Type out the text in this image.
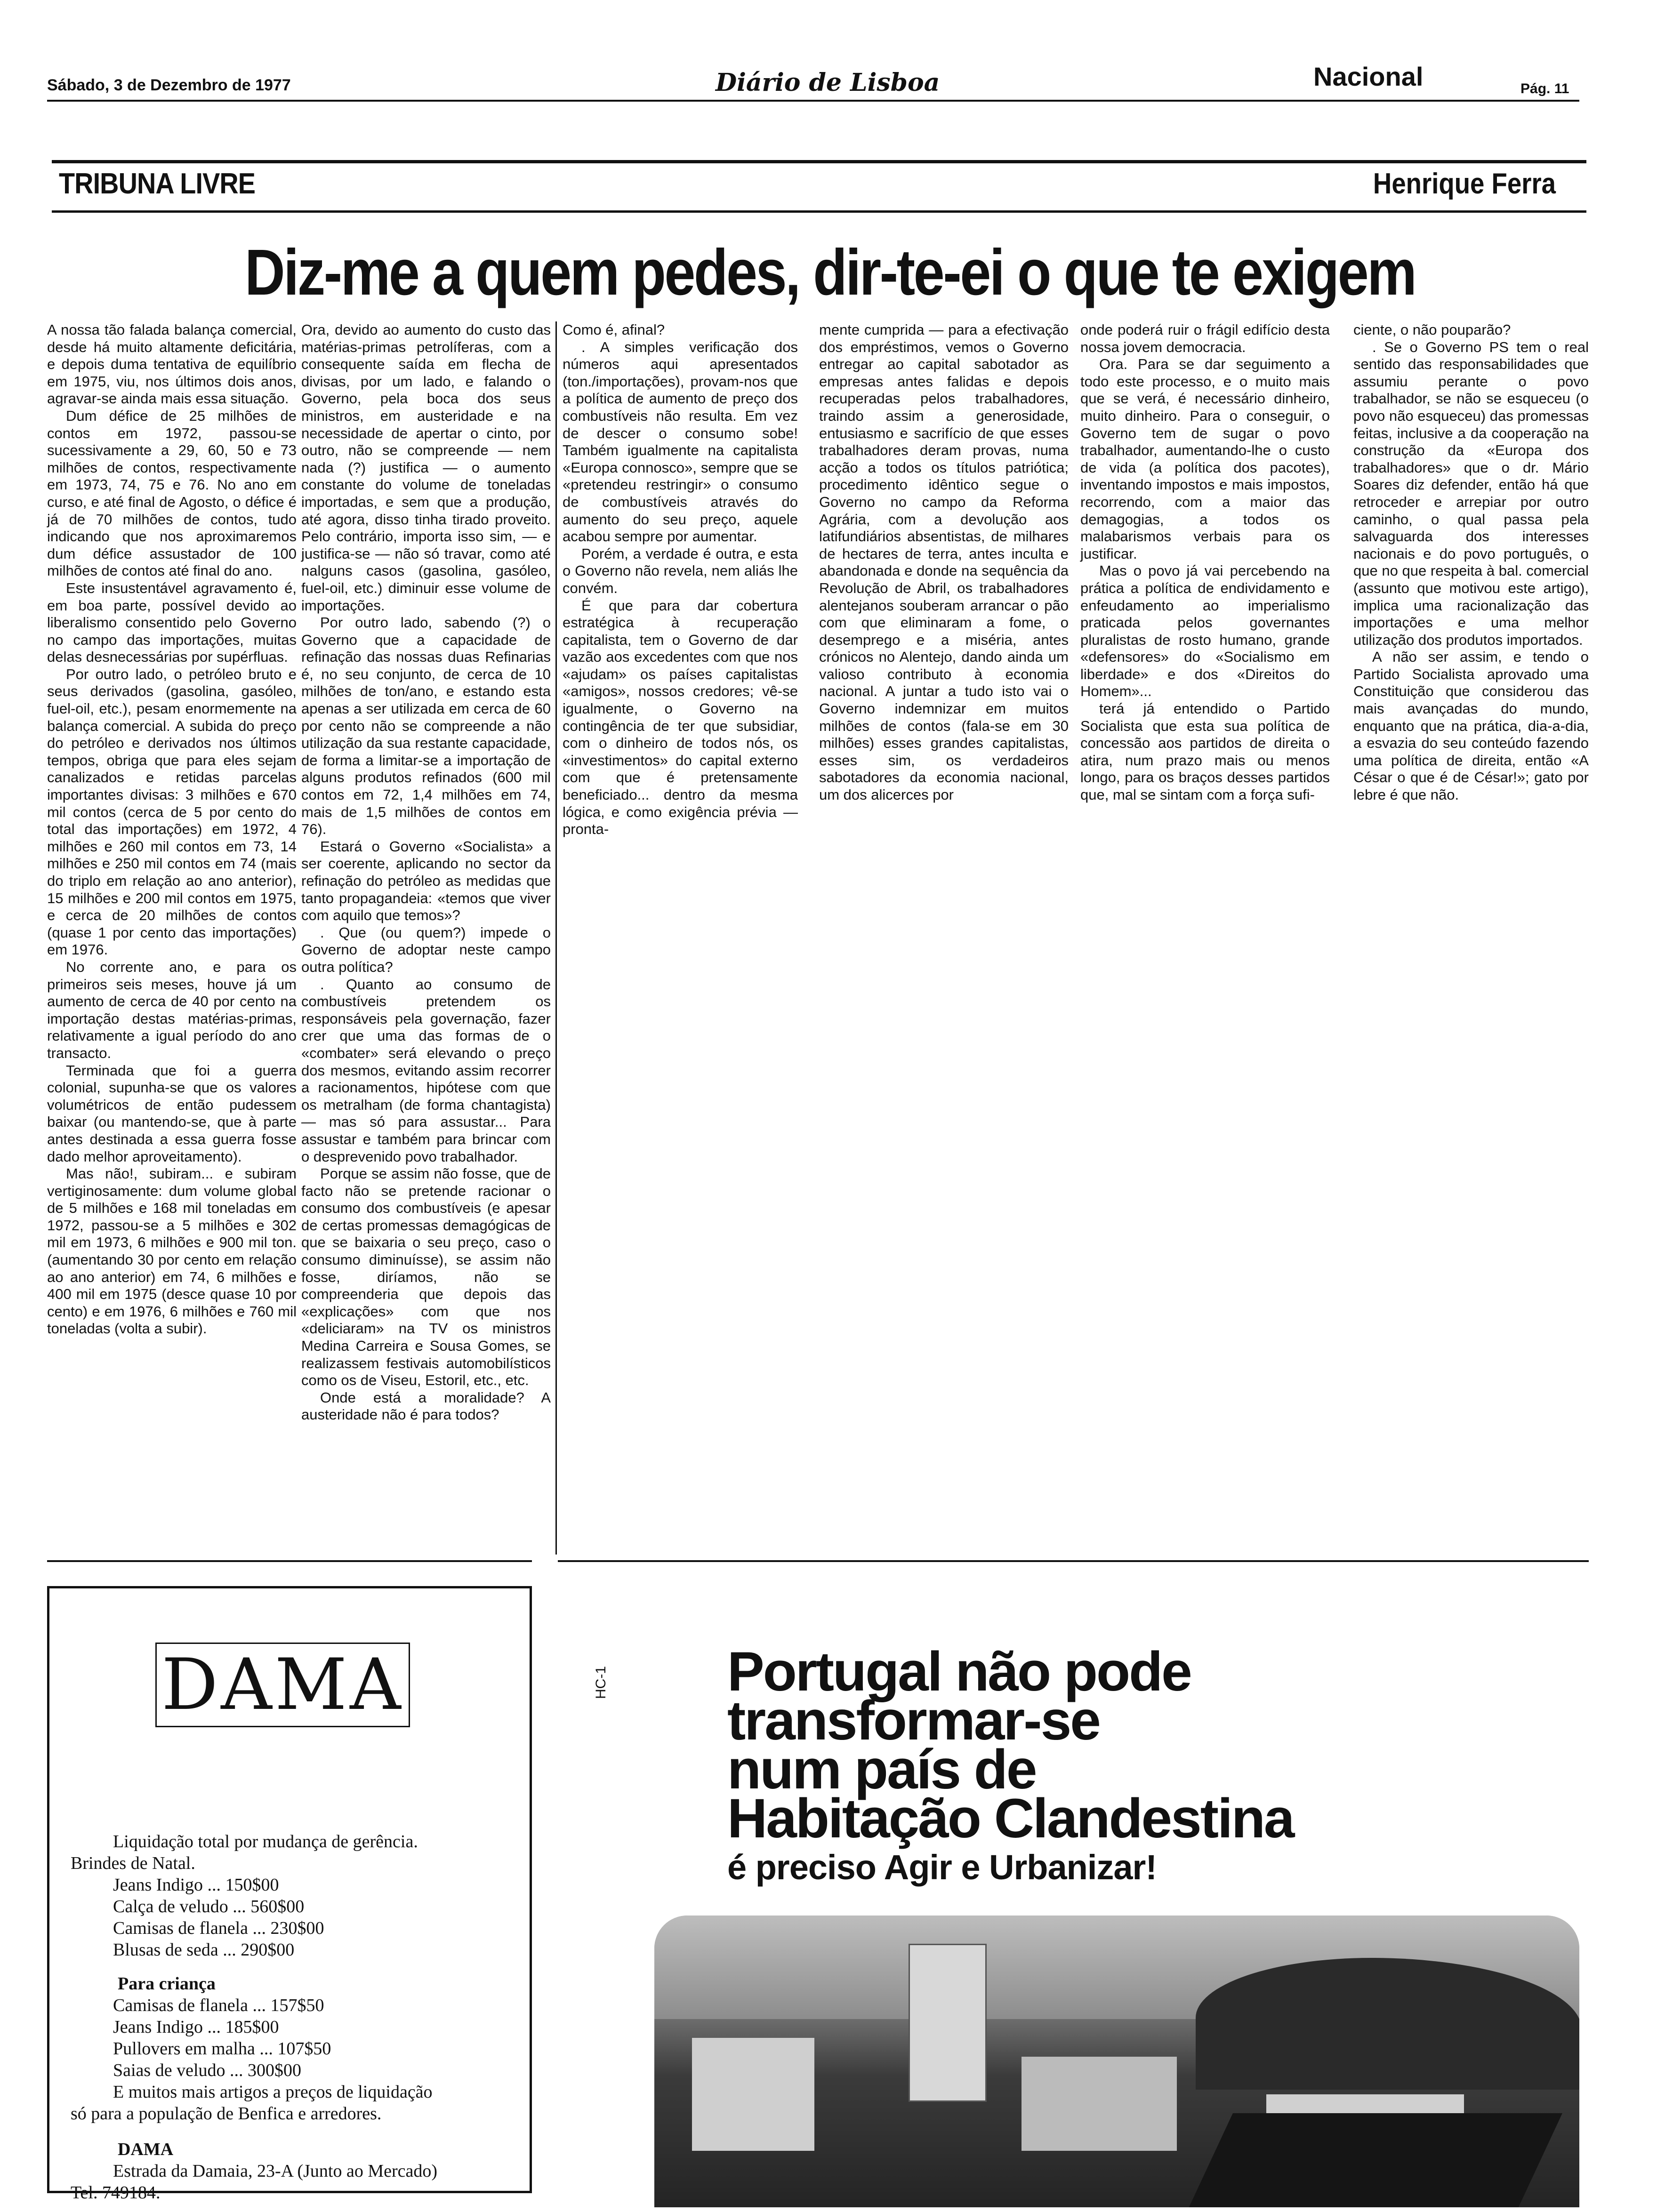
Sábado, 3 de Dezembro de 1977	Diário de Lisboa	Nacional	Pág. 11
TRIBUNA LIVRE	Henrique Ferra
Diz-me a quem pedes, dir-te-ei o que te exigem

A nossa tão falada balança comercial, desde há muito altamente deficitária, e depois duma tentativa de equilíbrio em 1975, viu, nos últimos dois anos, agravar-se ainda mais essa situação.

Dum défice de 25 milhões de contos em 1972, passou-se sucessivamente a 29, 60, 50 e 73 milhões de contos, respectivamente em 1973, 74, 75 e 76. No ano em curso, e até final de Agosto, o défice é já de 70 milhões de contos, tudo indicando que nos aproximaremos dum défice assustador de 100 milhões de contos até final do ano.

Este insustentável agravamento é, em boa parte, possível devido ao liberalismo consentido pelo Governo no campo das importações, muitas delas desnecessárias por supérfluas.

Por outro lado, o petróleo bruto e seus derivados (gasolina, gasóleo, fuel-oil, etc.), pesam enormemente na balança comercial. A subida do preço do petróleo e derivados nos últimos tempos, obriga que para eles sejam canalizados e retidas parcelas importantes divisas: 3 milhões e 670 mil contos (cerca de 5 por cento do total das importações) em 1972, 4 milhões e 260 mil contos em 73, 14 milhões e 250 mil contos em 74 (mais do triplo em relação ao ano anterior), 15 milhões e 200 mil contos em 1975, e cerca de 20 milhões de contos (quase 1 por cento das importações) em 1976.

No corrente ano, e para os primeiros seis meses, houve já um aumento de cerca de 40 por cento na importação destas matérias-primas, relativamente a igual período do ano transacto.

Terminada que foi a guerra colonial, supunha-se que os valores volumétricos de então pudessem baixar (ou mantendo-se, que à parte antes destinada a essa guerra fosse dado melhor aproveitamento).

Mas não!, subiram... e subiram vertiginosamente: dum volume global de 5 milhões e 168 mil toneladas em 1972, passou-se a 5 milhões e 302 mil em 1973, 6 milhões e 900 mil ton. (aumentando 30 por cento em relação ao ano anterior) em 74, 6 milhões e 400 mil em 1975 (desce quase 10 por cento) e em 1976, 6 milhões e 760 mil toneladas (volta a subir).

Ora, devido ao aumento do custo das matérias-primas petrolíferas, com a consequente saída em flecha de divisas, por um lado, e falando o Governo, pela boca dos seus ministros, em austeridade e na necessidade de apertar o cinto, por outro, não se compreende — nem nada (?) justifica — o aumento constante do volume de toneladas importadas, e sem que a produção, até agora, disso tinha tirado proveito. Pelo contrário, importa isso sim, — e justifica-se — não só travar, como até nalguns casos (gasolina, gasóleo, fuel-oil, etc.) diminuir esse volume de importações.

Por outro lado, sabendo (?) o Governo que a capacidade de refinação das nossas duas Refinarias é, no seu conjunto, de cerca de 10 milhões de ton/ano, e estando esta apenas a ser utilizada em cerca de 60 por cento não se compreende a não utilização da sua restante capacidade, de forma a limitar-se a importação de alguns produtos refinados (600 mil contos em 72, 1,4 milhões em 74, mais de 1,5 milhões de contos em 76).

Estará o Governo «Socialista» a ser coerente, aplicando no sector da refinação do petróleo as medidas que tanto propagandeia: «temos que viver com aquilo que temos»?

. Que (ou quem?) impede o Governo de adoptar neste campo outra política?

. Quanto ao consumo de combustíveis pretendem os responsáveis pela governação, fazer crer que uma das formas de o «combater» será elevando o preço dos mesmos, evitando assim recorrer a racionamentos, hipótese com que os metralham (de forma chantagista) — mas só para assustar... Para assustar e também para brincar com o desprevenido povo trabalhador.

Porque se assim não fosse, que de facto não se pretende racionar o consumo dos combustíveis (e apesar de certas promessas demagógicas de que se baixaria o seu preço, caso o consumo diminuísse), se assim não fosse, diríamos, não se compreenderia que depois das «explicações» com que nos «deliciaram» na TV os ministros Medina Carreira e Sousa Gomes, se realizassem festivais automobilísticos como os de Viseu, Estoril, etc., etc.

Onde está a moralidade? A austeridade não é para todos?

Como é, afinal?

. A simples verificação dos números aqui apresentados (ton./importações), provam-nos que a política de aumento de preço dos combustíveis não resulta. Em vez de descer o consumo sobe! Também igualmente na capitalista «Europa connosco», sempre que se «pretendeu restringir» o consumo de combustíveis através do aumento do seu preço, aquele acabou sempre por aumentar.

Porém, a verdade é outra, e esta o Governo não revela, nem aliás lhe convém.

É que para dar cobertura estratégica à recuperação capitalista, tem o Governo de dar vazão aos excedentes com que nos «ajudam» os países capitalistas «amigos», nossos credores; vê-se igualmente, o Governo na contingência de ter que subsidiar, com o dinheiro de todos nós, os «investimentos» do capital externo com que é pretensamente beneficiado... dentro da mesma lógica, e como exigência prévia — pronta-

mente cumprida — para a efectivação dos empréstimos, vemos o Governo entregar ao capital sabotador as empresas antes falidas e depois recuperadas pelos trabalhadores, traindo assim a generosidade, entusiasmo e sacrifício de que esses trabalhadores deram provas, numa acção a todos os títulos patriótica; procedimento idêntico segue o Governo no campo da Reforma Agrária, com a devolução aos latifundiários absentistas, de milhares de hectares de terra, antes inculta e abandonada e donde na sequência da Revolução de Abril, os trabalhadores alentejanos souberam arrancar o pão com que eliminaram a fome, o desemprego e a miséria, antes crónicos no Alentejo, dando ainda um valioso contributo à economia nacional. A juntar a tudo isto vai o Governo indemnizar em muitos milhões de contos (fala-se em 30 milhões) esses grandes capitalistas, esses sim, os verdadeiros sabotadores da economia nacional, um dos alicerces por

onde poderá ruir o frágil edifício desta nossa jovem democracia.

Ora. Para se dar seguimento a todo este processo, e o muito mais que se verá, é necessário dinheiro, muito dinheiro. Para o conseguir, o Governo tem de sugar o povo trabalhador, aumentando-lhe o custo de vida (a política dos pacotes), inventando impostos e mais impostos, recorrendo, com a maior das demagogias, a todos os malabarismos verbais para os justificar.

Mas o povo já vai percebendo na prática a política de endividamento e enfeudamento ao imperialismo praticada pelos governantes pluralistas de rosto humano, grande «defensores» do «Socialismo em liberdade» e dos «Direitos do Homem»...

terá já entendido o Partido Socialista que esta sua política de concessão aos partidos de direita o atira, num prazo mais ou menos longo, para os braços desses partidos que, mal se sintam com a força sufi-

ciente, o não pouparão?

. Se o Governo PS tem o real sentido das responsabilidades que assumiu perante o povo trabalhador, se não se esqueceu (o povo não esqueceu) das promessas feitas, inclusive a da cooperação na construção da «Europa dos trabalhadores» que o dr. Mário Soares diz defender, então há que retroceder e arrepiar por outro caminho, o qual passa pela salvaguarda dos interesses nacionais e do povo português, o que no que respeita à bal. comercial (assunto que motivou este artigo), implica uma racionalização das importações e uma melhor utilização dos produtos importados.

A não ser assim, e tendo o Partido Socialista aprovado uma Constituição que considerou das mais avançadas do mundo, enquanto que na prática, dia-a-dia, a esvazia do seu conteúdo fazendo uma política de direita, então «A César o que é de César!»; gato por lebre é que não.

DAMA
Liquidação total por mudança de gerência.
Brindes de Natal.
Jeans Indigo ... 150$00
Calça de veludo ... 560$00
Camisas de flanela ... 230$00
Blusas de seda ... 290$00
Para criança
Camisas de flanela ... 157$50
Jeans Indigo ... 185$00
Pullovers em malha ... 107$50
Saias de veludo ... 300$00
E muitos mais artigos a preços de liquidação
só para a população de Benfica e arredores.
DAMA
Estrada da Damaia, 23-A (Junto ao Mercado)
Tel. 749184.
HC-1 Portugal não pode
transformar-se
num país de
Habitação Clandestina
é preciso Agir e Urbanizar!
